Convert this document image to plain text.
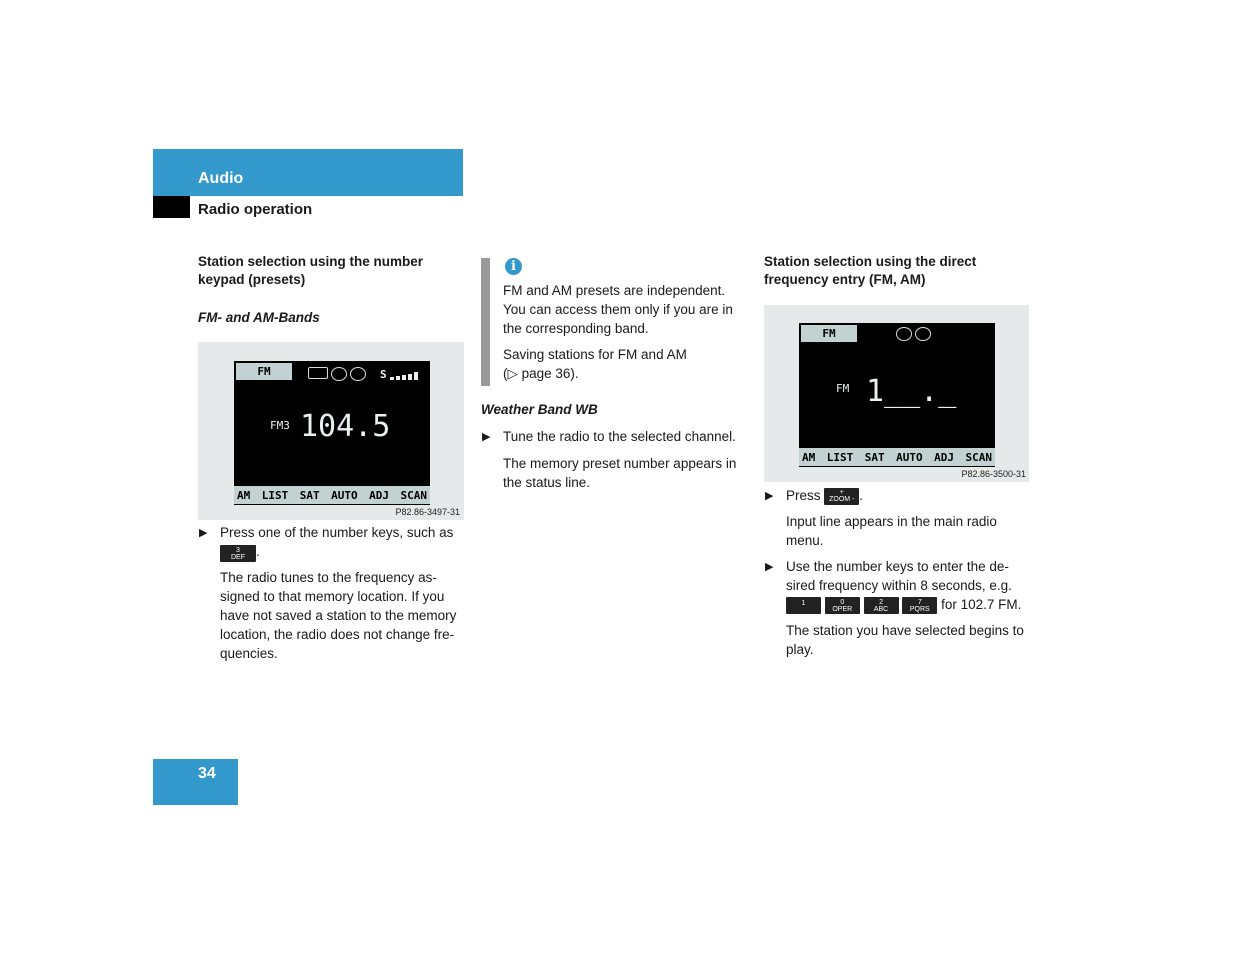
Audio
Radio operation
Station selection using the number keypad (presets)
FM- and AM-Bands
FM	S
FM3 104.5
AM LIST SAT AUTO ADJ SCAN
P82.86-3497-31
▶ Press one of the number keys, such as
3
DEF .
The radio tunes to the frequency as-signed to that memory location. If you have not saved a station to the memory location, the radio does not change fre-quencies.
i
FM and AM presets are independent. You can access them only if you are in the corresponding band.
Saving stations for FM and AM
(▷ page 36).
Weather Band WB
▶ Tune the radio to the selected channel.
The memory preset number appears in the status line.
Station selection using the direct frequency entry (FM, AM)
FM
FM 1__._
AM LIST SAT AUTO ADJ SCAN
P82.86-3500-31
▶ Press	+
ZOOM - .
Input line appears in the main radio menu.
▶ Use the number keys to enter the de-sired frequency within 8 seconds, e.g.
1
	0
OPER

2
ABC

7
PQRS for 102.7 FM.
The station you have selected begins to play.
34
